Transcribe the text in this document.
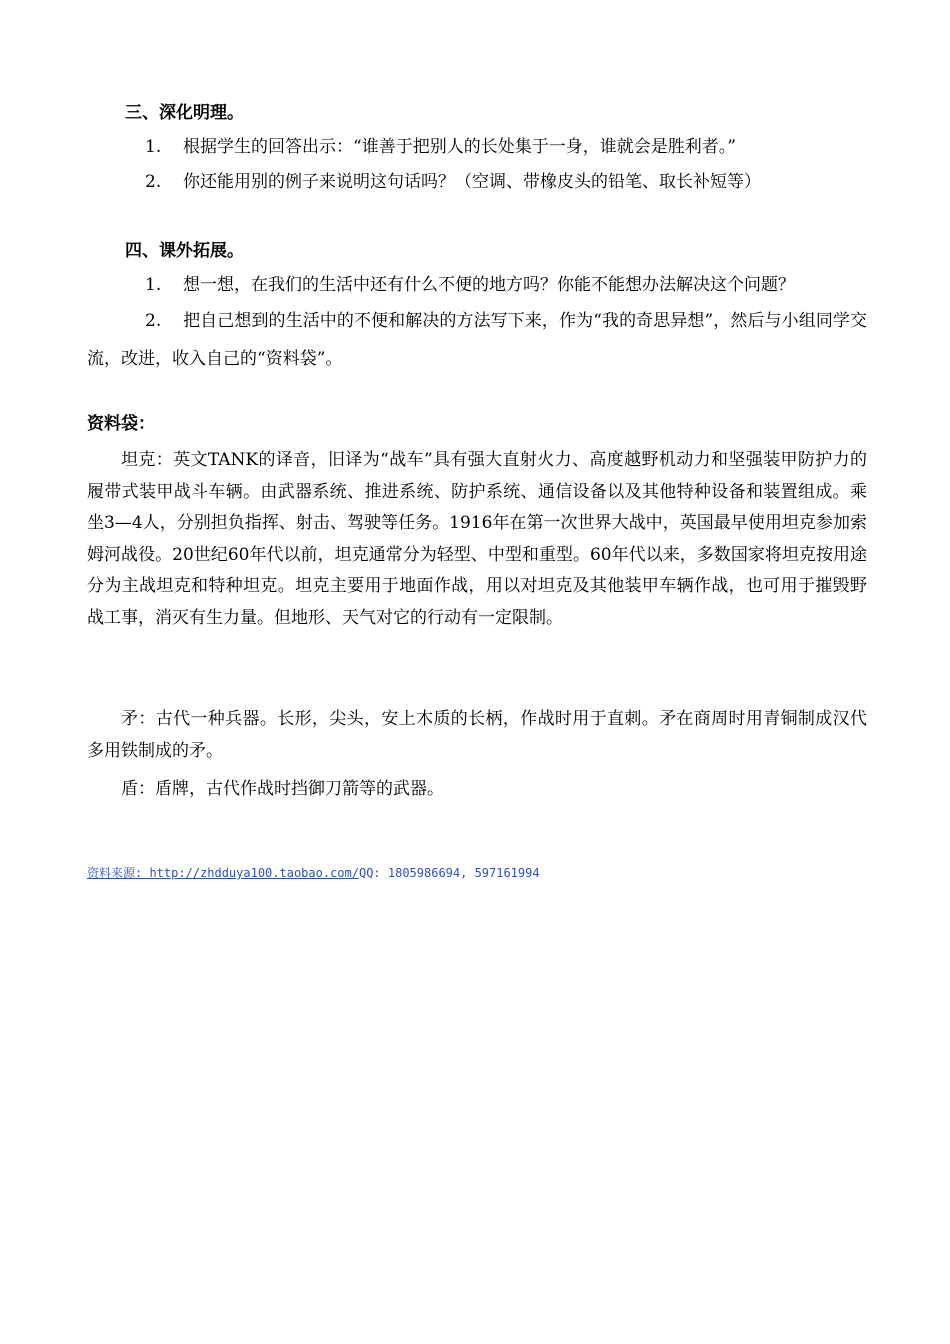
三、深化明理。
1. 根据学生的回答出示：“谁善于把别人的长处集于一身，谁就会是胜利者。”
2. 你还能用别的例子来说明这句话吗？（空调、带橡皮头的铅笔、取长补短等）
四、课外拓展。
1. 想一想，在我们的生活中还有什么不便的地方吗？你能不能想办法解决这个问题？
2. 把自己想到的生活中的不便和解决的方法写下来，作为“我的奇思异想”，然后与小组同学交流，改进，收入自己的“资料袋”。
资料袋：
坦克：英文TANK的译音，旧译为“战车”具有强大直射火力、高度越野机动力和坚强装甲防护力的履带式装甲战斗车辆。由武器系统、推进系统、防护系统、通信设备以及其他特种设备和装置组成。乘坐3—4人，分别担负指挥、射击、驾驶等任务。1916年在第一次世界大战中，英国最早使用坦克参加索姆河战役。20世纪60年代以前，坦克通常分为轻型、中型和重型。60年代以来，多数国家将坦克按用途分为主战坦克和特种坦克。坦克主要用于地面作战，用以对坦克及其他装甲车辆作战，也可用于摧毁野战工事，消灭有生力量。但地形、天气对它的行动有一定限制。
矛：古代一种兵器。长形，尖头，安上木质的长柄，作战时用于直刺。矛在商周时用青铜制成汉代多用铁制成的矛。
盾：盾牌，古代作战时挡御刀箭等的武器。
资料来源: http://zhdduya100.taobao.com/QQ: 1805986694, 597161994
